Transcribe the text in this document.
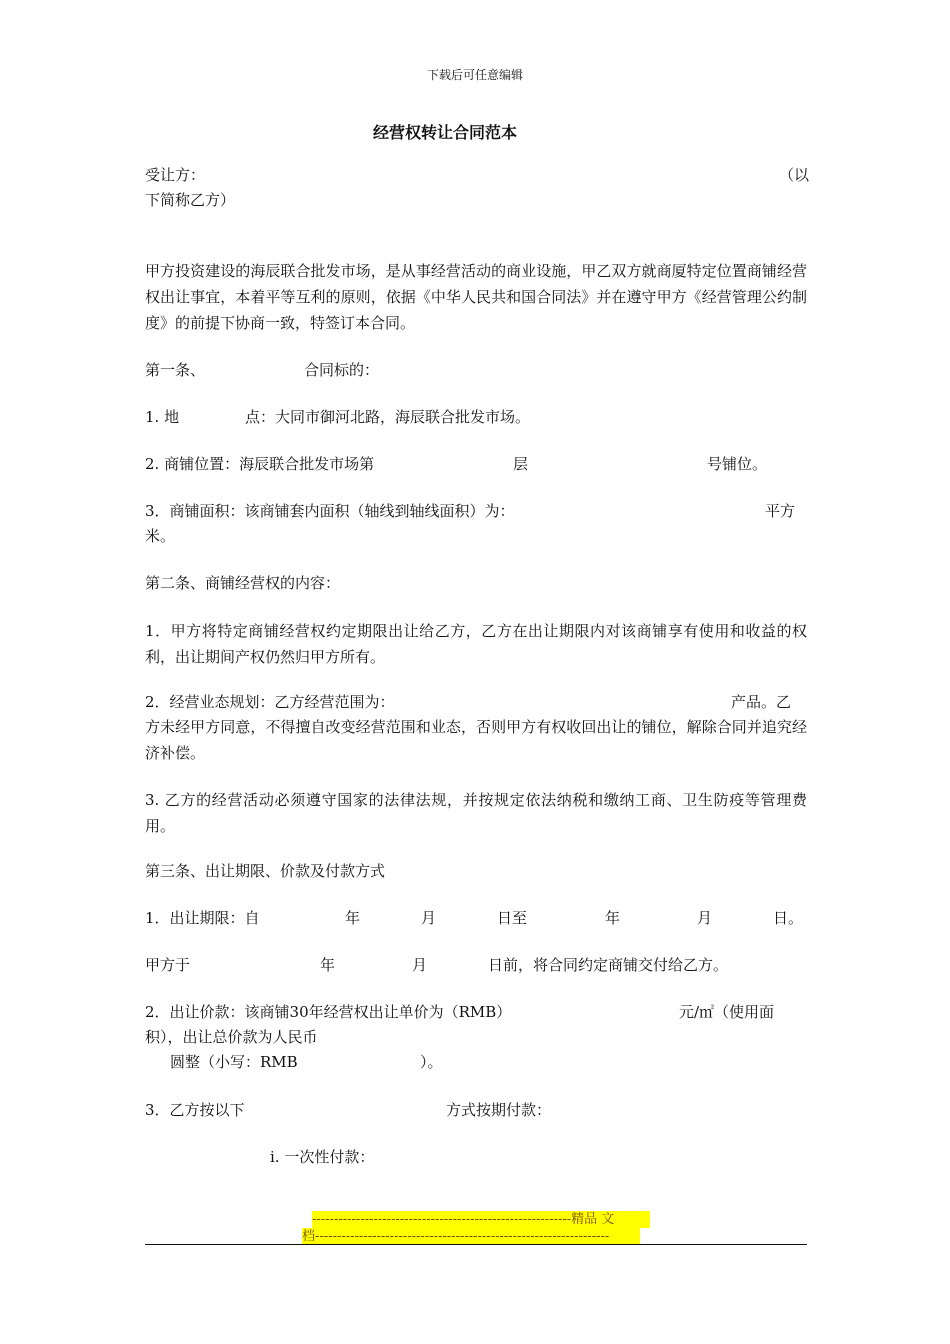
下载后可任意编辑
经营权转让合同范本
受让方：	（以
下简称乙方）
甲方投资建设的海辰联合批发市场，是从事经营活动的商业设施，甲乙双方就商厦特定位置商铺经营权出让事宜，本着平等互利的原则，依据《中华人民共和国合同法》并在遵守甲方《经营管理公约制度》的前提下协商一致，特签订本合同。
第一条、	合同标的：
1. 地	点：大同市御河北路，海辰联合批发市场。
2. 商铺位置：海辰联合批发市场第	层	号铺位。
3．商铺面积：该商铺套内面积（轴线到轴线面积）为：	平方
米。
第二条、商铺经营权的内容：
1．甲方将特定商铺经营权约定期限出让给乙方，乙方在出让期限内对该商铺享有使用和收益的权利，出让期间产权仍然归甲方所有。
2．经营业态规划：乙方经营范围为：	产品。乙
方未经甲方同意，不得擅自改变经营范围和业态，否则甲方有权收回出让的铺位，解除合同并追究经济补偿。
3. 乙方的经营活动必须遵守国家的法律法规，并按规定依法纳税和缴纳工商、卫生防疫等管理费用。
第三条、出让期限、价款及付款方式
1．出让期限：自	年	月	日至	年	月	日。
甲方于	年	月	日前，将合同约定商铺交付给乙方。
2．出让价款：该商铺30年经营权出让单价为（RMB）	元/㎡（使用面
积），出让总价款为人民币
圆整（小写：RMB	）。
3．乙方按以下	方式按期付款：
i. 一次性付款：
-----------------------------------------------------------精品 文
档-------------------------------------------------------------------
